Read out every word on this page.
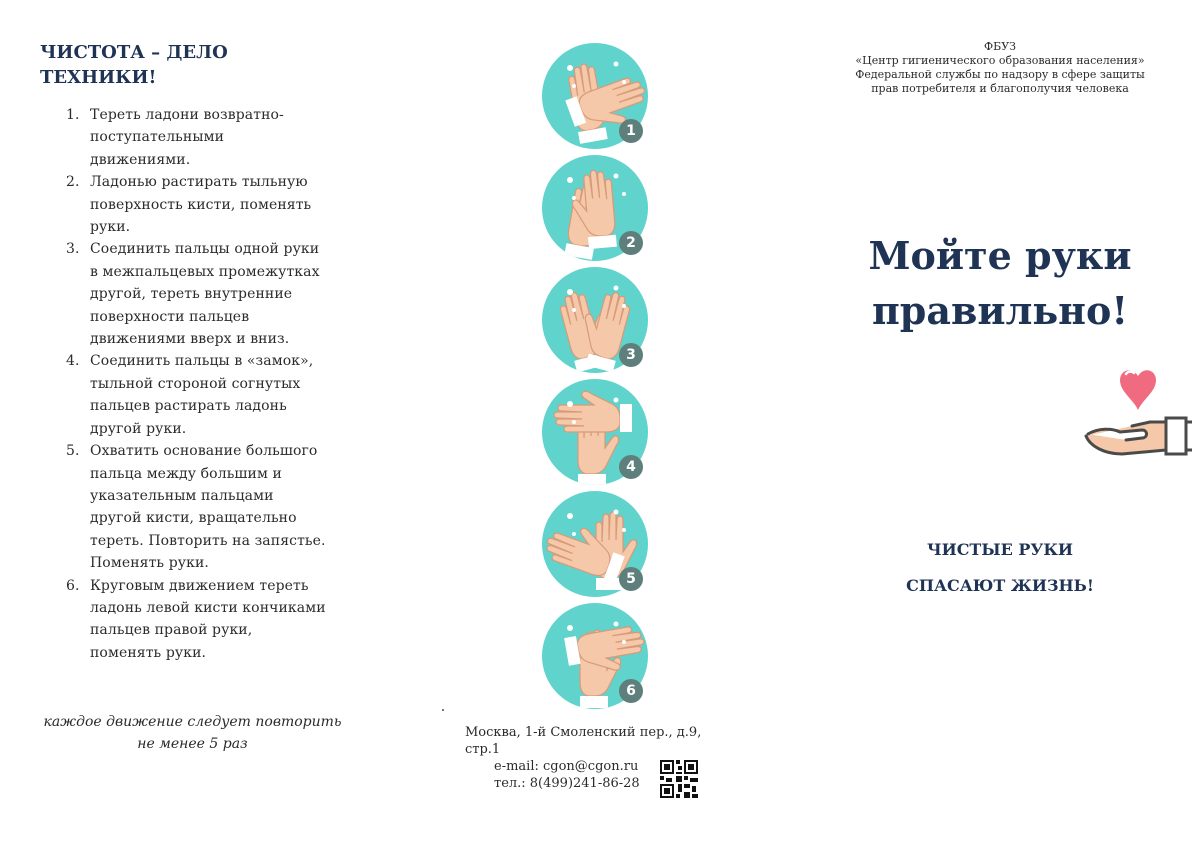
ЧИСТОТА – ДЕЛО
ТЕХНИКИ!
1. Тереть ладони возвратно-
поступательными
движениями.
2. Ладонью растирать тыльную
поверхность кисти, поменять
руки.
3. Соединить пальцы одной руки
в межпальцевых промежутках
другой, тереть внутренние
поверхности пальцев
движениями вверх и вниз.
4. Соединить пальцы в «замок»,
тыльной стороной согнутых
пальцев растирать ладонь
другой руки.
5. Охватить основание большого
пальца между большим и
указательным пальцами
другой кисти, вращательно
тереть. Повторить на запястье.
Поменять руки.
6. Круговым движением тереть
ладонь левой кисти кончиками
пальцев правой руки,
поменять руки.
каждое движение следует повторить
не менее 5 раз
1
2
3
4
5
6
Москва, 1-й Смоленский пер., д.9, стр.1
e-mail: cgon@cgon.ru
тел.: 8(499)241-86-28
ФБУЗ
«Центр гигиенического образования населения»
Федеральной службы по надзору в сфере защиты
прав потребителя и благополучия человека
Мойте руки
правильно!
ЧИСТЫЕ РУКИ
СПАСАЮТ ЖИЗНЬ!
